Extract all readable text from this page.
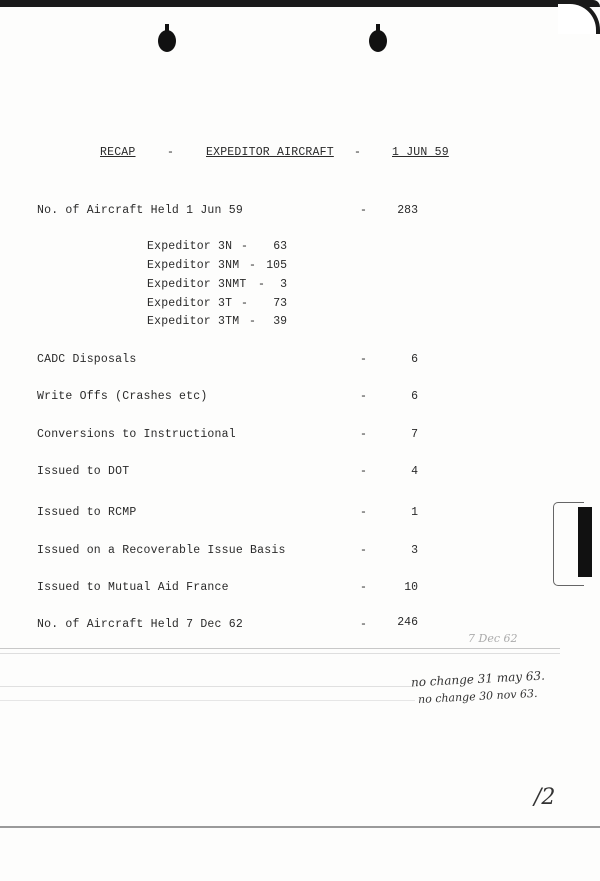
RECAP	-	EXPEDITOR AIRCRAFT -	1 JUN 59
No. of Aircraft Held 1 Jun 59	-	283
Expeditor 3N -	63
Expeditor 3NM - 105
Expeditor 3NMT -	3
Expeditor 3T -	73
Expeditor 3TM -	39
CADC Disposals	-	6
Write Offs (Crashes etc)	-	6
Conversions to Instructional	-	7
Issued to DOT	-	4
Issued to RCMP	-	1
Issued on a Recoverable Issue Basis	-	3
Issued to Mutual Aid France	-	10
No. of Aircraft Held 7 Dec 62	-	246
7 Dec 62
no change 31 may 63.
no change 30 nov 63.
/2
